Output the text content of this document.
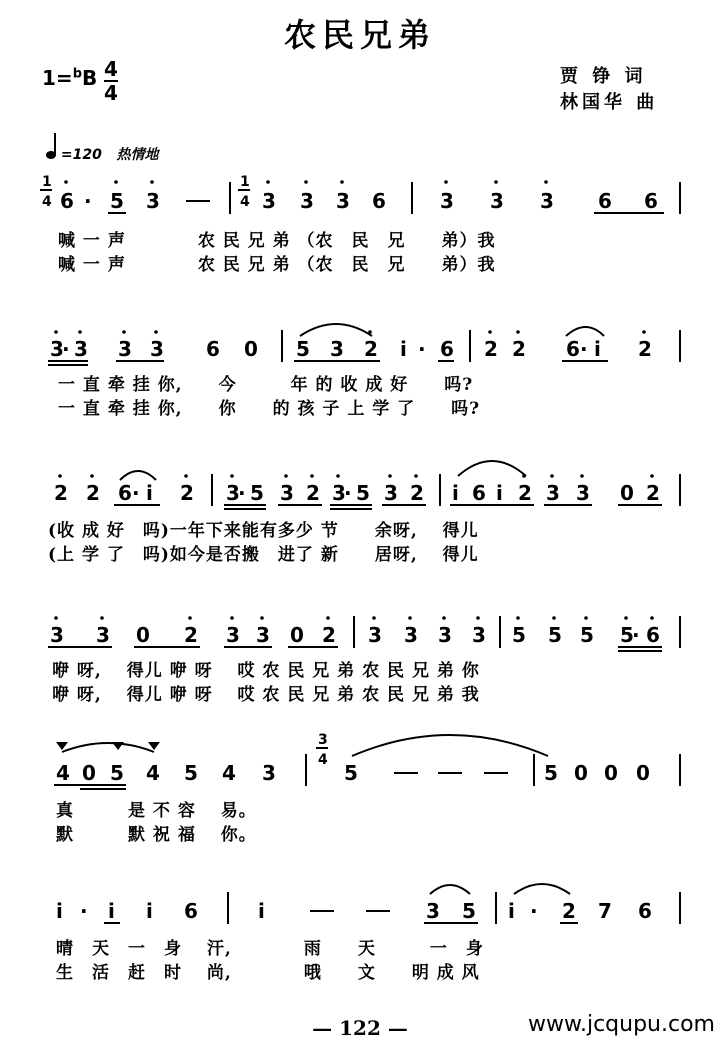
农民兄弟
1=$^b$B 4
4
贾 铮 词
林国华 曲
=120 热情地
1
4 6 · 5 3
1
4 3 3 3 6	3 3 3 6 6
3
· 3 3 3 6 0 5 3 2 i · 6 2 2 6 · i 2
2 2 6 · i 2 3
· 5 3 2 3
· 5 3 2 i 6 i 2 3 3 0 2
3 3 0 2 3 3 0 2 3 3 3 3 5 5 5 5
· 6
4 0 5 4 5 4 3
3
4
5	5 0 0 0
i · i i 6	i	3 5 i · 2 7 6
喊 一 声　　　　农 民 兄 弟 （农　民　兄　　弟）我
喊 一 声　　　　农 民 兄 弟 （农　民　兄　　弟）我
一 直 牵 挂 你,　　今　　　年 的 收 成 好　　吗?
一 直 牵 挂 你,　　你　　的 孩 子 上 学 了　　吗?
(收 成 好　吗)一年下来能有多少 节　　余呀,　 得儿
(上 学 了　吗)如今是否搬　进了 新　　居呀,　 得儿
咿 呀,　 得儿 咿 呀　 哎 农 民 兄 弟 农 民 兄 弟 你
咿 呀,　 得儿 咿 呀　 哎 农 民 兄 弟 农 民 兄 弟 我
真　　　是 不 容　 易。
默　　　默 祝 福　 你。
晴　天　一　身　 汗,　　　　雨　　天　　　一　身
生　活　赶　时　 尚,　　　　哦　　文　　明 成 风
— 122 —	www.jcqupu.com
